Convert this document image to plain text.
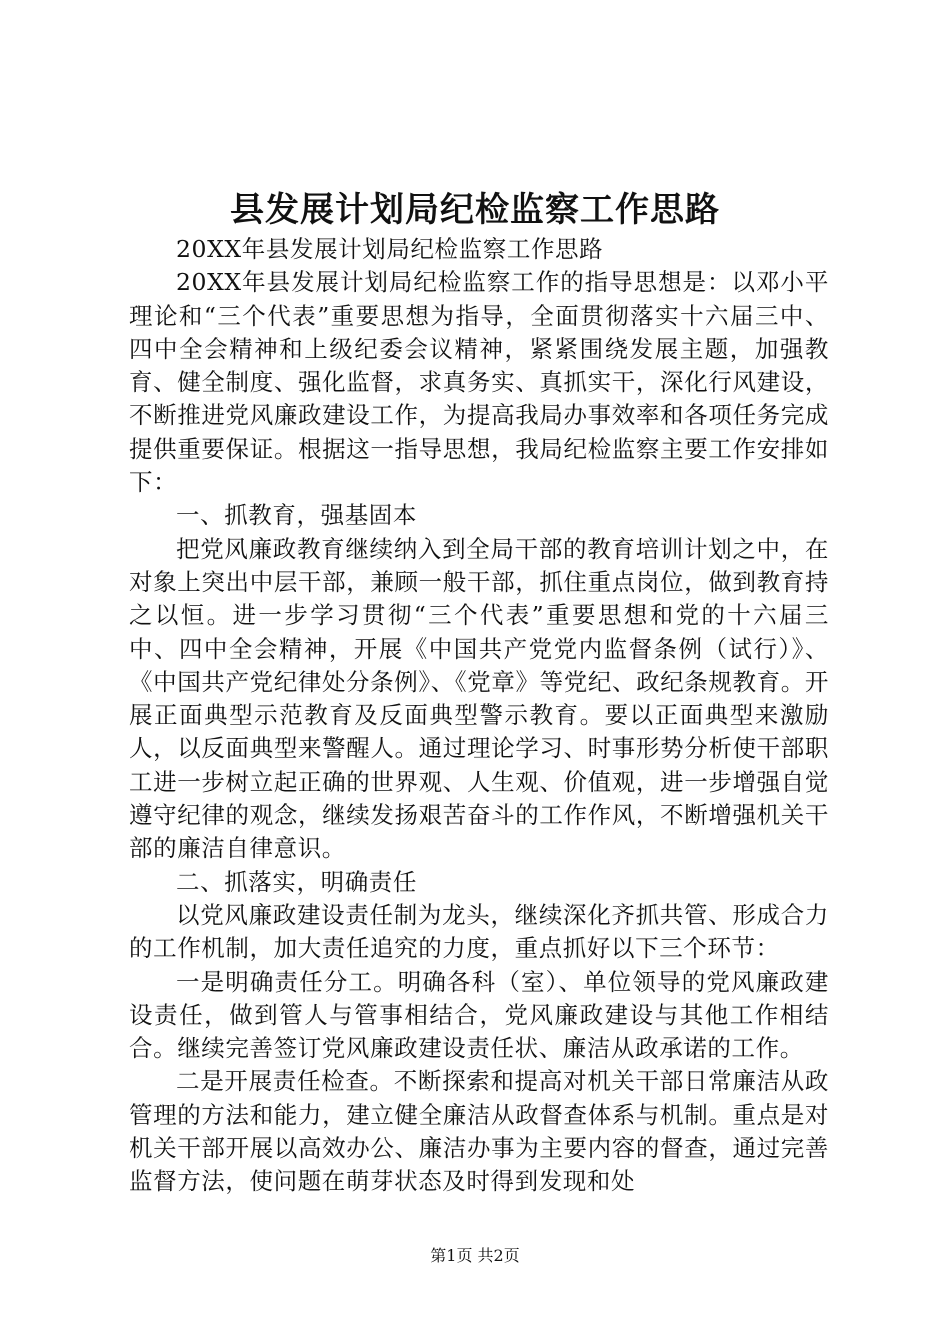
县发展计划局纪检监察工作思路

20XX年县发展计划局纪检监察工作思路

20XX年县发展计划局纪检监察工作的指导思想是：以邓小平理论和“三个代表”重要思想为指导，全面贯彻落实十六届三中、四中全会精神和上级纪委会议精神，紧紧围绕发展主题，加强教育、健全制度、强化监督，求真务实、真抓实干，深化行风建设，不断推进党风廉政建设工作，为提高我局办事效率和各项任务完成提供重要保证。根据这一指导思想，我局纪检监察主要工作安排如下：

一、抓教育，强基固本

把党风廉政教育继续纳入到全局干部的教育培训计划之中，在对象上突出中层干部，兼顾一般干部，抓住重点岗位，做到教育持之以恒。进一步学习贯彻“三个代表”重要思想和党的十六届三中、四中全会精神，开展《中国共产党党内监督条例（试行）》、《中国共产党纪律处分条例》、《党章》等党纪、政纪条规教育。开展正面典型示范教育及反面典型警示教育。要以正面典型来激励人，以反面典型来警醒人。通过理论学习、时事形势分析使干部职工进一步树立起正确的世界观、人生观、价值观，进一步增强自觉遵守纪律的观念，继续发扬艰苦奋斗的工作作风，不断增强机关干部的廉洁自律意识。

二、抓落实，明确责任

以党风廉政建设责任制为龙头，继续深化齐抓共管、形成合力的工作机制，加大责任追究的力度，重点抓好以下三个环节：

一是明确责任分工。明确各科（室）、单位领导的党风廉政建设责任，做到管人与管事相结合，党风廉政建设与其他工作相结合。继续完善签订党风廉政建设责任状、廉洁从政承诺的工作。

二是开展责任检查。不断探索和提高对机关干部日常廉洁从政管理的方法和能力，建立健全廉洁从政督查体系与机制。重点是对机关干部开展以高效办公、廉洁办事为主要内容的督查，通过完善监督方法，使问题在萌芽状态及时得到发现和处

第1页 共2页
